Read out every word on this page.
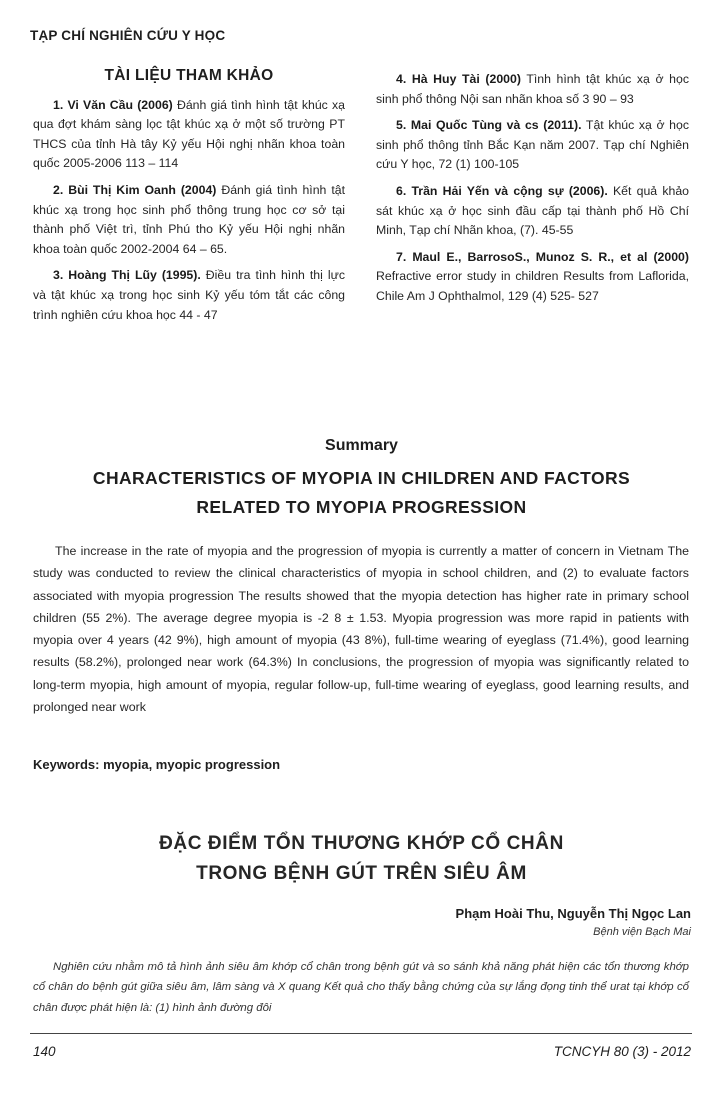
TẠP CHÍ NGHIÊN CỨU Y HỌC
TÀI LIỆU THAM KHẢO

1. Vi Văn Cầu (2006) Đánh giá tình hình tật khúc xạ qua đợt khám sàng lọc tật khúc xạ ở một số trường PT THCS của tỉnh Hà tây Kỷ yếu Hội nghị nhãn khoa toàn quốc 2005-2006 113 – 114

2. Bùi Thị Kim Oanh (2004) Đánh giá tình hình tật khúc xạ trong học sinh phổ thông trung học cơ sở tại thành phố Việt trì, tỉnh Phú tho Kỷ yếu Hội nghị nhãn khoa toàn quốc 2002-2004 64 – 65.

3. Hoàng Thị Lũy (1995). Điều tra tình hình thị lực và tật khúc xạ trong học sinh Kỷ yếu tóm tắt các công trình nghiên cứu khoa học 44 - 47

4. Hà Huy Tài (2000) Tình hình tật khúc xạ ở học sinh phổ thông Nội san nhãn khoa số 3 90 – 93

5. Mai Quốc Tùng và cs (2011). Tật khúc xạ ở học sinh phổ thông tỉnh Bắc Kạn năm 2007. Tạp chí Nghiên cứu Y học, 72 (1) 100-105

6. Trần Hải Yến và cộng sự (2006). Kết quả khảo sát khúc xạ ở học sinh đầu cấp tại thành phố Hồ Chí Minh, Tạp chí Nhãn khoa, (7). 45-55

7. Maul E., BarrosoS., Munoz S. R., et al (2000) Refractive error study in children Results from Laflorida, Chile Am J Ophthalmol, 129 (4) 525- 527

Summary
CHARACTERISTICS OF MYOPIA IN CHILDREN AND FACTORS
RELATED TO MYOPIA PROGRESSION

The increase in the rate of myopia and the progression of myopia is currently a matter of concern in Vietnam The study was conducted to review the clinical characteristics of myopia in school children, and (2) to evaluate factors associated with myopia progression The results showed that the myopia detection has higher rate in primary school children (55 2%). The average degree myopia is -2 8 ± 1.53. Myopia progression was more rapid in patients with myopia over 4 years (42 9%), high amount of myopia (43 8%), full-time wearing of eyeglass (71.4%), good learning results (58.2%), prolonged near work (64.3%) In conclusions, the progression of myopia was significantly related to long-term myopia, high amount of myopia, regular follow-up, full-time wearing of eyeglass, good learning results, and prolonged near work

Keywords: myopia, myopic progression
ĐẶC ĐIỂM TỔN THƯƠNG KHỚP CỔ CHÂN
TRONG BỆNH GÚT TRÊN SIÊU ÂM
Phạm Hoài Thu, Nguyễn Thị Ngọc Lan
Bệnh viện Bạch Mai

Nghiên cứu nhằm mô tả hình ảnh siêu âm khớp cổ chân trong bệnh gút và so sánh khả năng phát hiện các tổn thương khớp cổ chân do bệnh gút giữa siêu âm, lâm sàng và X quang Kết quả cho thấy bằng chứng của sự lắng đọng tinh thể urat tại khớp cổ chân được phát hiện là: (1) hình ảnh đường đôi

140	TCNCYH 80 (3) - 2012
